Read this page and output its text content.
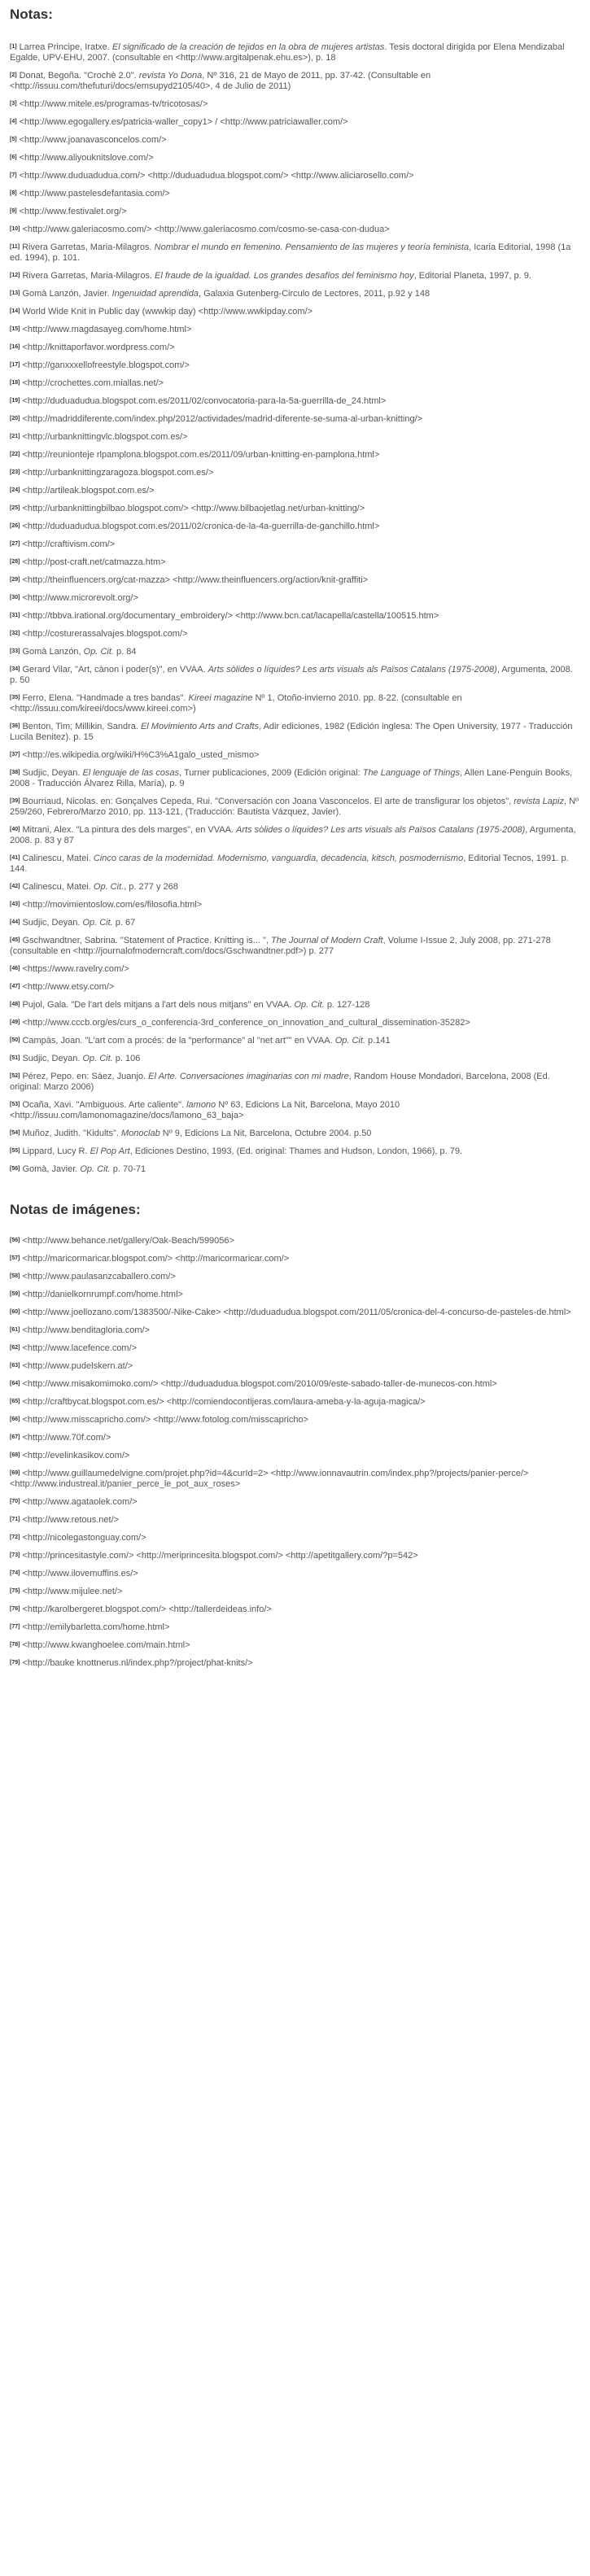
Notas:
[1] Larrea Principe, Iratxe. El significado de la creación de tejidos en la obra de mujeres artistas. Tesis doctoral dirigida por Elena Mendizabal Egalde, UPV-EHU, 2007. (consultable en <http://www.argitalpenak.ehu.es>), p. 18
[2] Donat, Begoña. "Crochè 2.0". revista Yo Dona, Nº 316, 21 de Mayo de 2011, pp. 37-42. (Consultable en <http://issuu.com/thefuturi/docs/emsupyd2105/40>, 4 de Julio de 2011)
[3] <http://www.mitele.es/programas-tv/tricotosas/>
[4] <http://www.egogallery.es/patricia-waller_copy1> / <http://www.patriciawaller.com/>
[5] <http://www.joanavasconcelos.com/>
[6] <http://www.aliyouknitslove.com/>
[7] <http://www.duduadudua.com/> <http://duduadudua.blogspot.com/> <http://www.aliciarosello.com/>
[8] <http://www.pastelesdefantasia.com/>
[9] <http://www.festivalet.org/>
[10] <http://www.galeriacosmo.com/> <http://www.galeriacosmo.com/cosmo-se-casa-con-dudua>
[11] Rivera Garretas, Maria-Milagros. Nombrar el mundo en femenino. Pensamiento de las mujeres y teoría feminista, Icaria Editorial, 1998 (1a ed. 1994), p. 101.
[12] Rivera Garretas, Maria-Milagros. El fraude de la igualdad. Los grandes desafíos del feminismo hoy, Editorial Planeta, 1997, p. 9.
[13] Gomà Lanzón, Javier. Ingenuidad aprendida, Galaxia Gutenberg-Circulo de Lectores, 2011, p.92 y 148
[14] World Wide Knit in Public day (wwwkip day) <http://www.wwkipday.com/>
[15] <http://www.magdasayeg.com/home.html>
[16] <http://knittaporfavor.wordpress.com/>
[17] <http://ganxxxellofreestyle.blogspot.com/>
[18] <http://crochettes.com.miallas.net/>
[19] <http://duduadudua.blogspot.com.es/2011/02/convocatoria-para-la-5a-guerrilla-de_24.html>
[20] <http://madriddiferente.com/index.php/2012/actividades/madrid-diferente-se-suma-al-urban-knitting/>
[21] <http://urbanknittingvlc.blogspot.com.es/>
[22] <http://reunionteje rlpamplona.blogspot.com.es/2011/09/urban-knitting-en-pamplona.html>
[23] <http://urbanknittingzaragoza.blogspot.com.es/>
[24] <http://artileak.blogspot.com.es/>
[25] <http://urbanknittingbilbao.blogspot.com/> <http://www.bilbaojetlag.net/urban-knitting/>
[26] <http://duduadudua.blogspot.com.es/2011/02/cronica-de-la-4a-guerrilla-de-ganchillo.html>
[27] <http://craftivism.com/>
[28] <http://post-craft.net/catmazza.htm>
[29] <http://theinfluencers.org/cat-mazza> <http://www.theinfluencers.org/action/knit-graffiti>
[30] <http://www.microrevolt.org/>
[31] <http://tbbva.irational.org/documentary_embroidery/> <http://www.bcn.cat/lacapella/castella/100515.htm>
[32] <http://costurerassalvajes.blogspot.com/>
[33] Gomà Lanzón, Op. Cit. p. 84
[34] Gerard Vilar, "Art, cànon i poder(s)", en VVAA. Arts sòlides o líquides? Les arts visuals als Països Catalans (1975-2008), Argumenta, 2008. p. 50
[35] Ferro, Elena. "Handmade a tres bandas". Kireei magazine Nº 1, Otoño-invierno 2010. pp. 8-22. (consultable en <http://issuu.com/kireei/docs/www.kireei.com>)
[36] Benton, Tim; Millikin, Sandra. El Movimiento Arts and Crafts, Adir ediciones, 1982 (Edición inglesa: The Open University, 1977 - Traducción Lucila Benitez). p. 15
[37] <http://es.wikipedia.org/wiki/H%C3%A1galo_usted_mismo>
[38] Sudjic, Deyan. El lenguaje de las cosas, Turner publicaciones, 2009 (Edición original: The Language of Things, Allen Lane-Penguin Books, 2008 - Traducción Álvarez Rilla, María), p. 9
[39] Bourriaud, Nicolas. en: Gonçalves Cepeda, Rui. "Conversación con Joana Vasconcelos. El arte de transfigurar los objetos", revista Lapiz, Nº 259/260, Febrero/Marzo 2010, pp. 113-121, (Traducción: Bautista Vázquez, Javier).
[40] Mitrani, Alex. "La pintura des dels marges", en VVAA. Arts sòlides o líquides? Les arts visuals als Països Catalans (1975-2008), Argumenta, 2008. p. 83 y 87
[41] Calinescu, Matei. Cinco caras de la modernidad. Modernismo, vanguardia, decadencia, kitsch, posmodernismo, Editorial Tecnos, 1991. p. 144.
[42] Calinescu, Matei. Op. Cit., p. 277 y 268
[43] <http://movimientoslow.com/es/filosofia.html>
[44] Sudjic, Deyan. Op. Cit. p. 67
[45] Gschwandtner, Sabrina. "Statement of Practice. Knitting is... ", The Journal of Modern Craft, Volume I-Issue 2, July 2008, pp. 271-278 (consultable en <http://journalofmoderncraft.com/docs/Gschwandtner.pdf>) p. 277
[46] <https://www.ravelry.com/>
[47] <http://www.etsy.com/>
[48] Pujol, Gala. "De l'art dels mitjans a l'art dels nous mitjans" en VVAA. Op. Cit. p. 127-128
[49] <http://www.cccb.org/es/curs_o_conferencia-3rd_conference_on_innovation_and_cultural_dissemination-35282>
[50] Campàs, Joan. "L'art com a procés: de la "performance" al "net art"" en VVAA. Op. Cit. p.141
[51] Sudjic, Deyan. Op. Cit. p. 106
[52] Pérez, Pepo. en: Sáez, Juanjo. El Arte. Conversaciones imaginarias con mi madre, Random House Mondadori, Barcelona, 2008 (Ed. original: Marzo 2006)
[53] Ocaña, Xavi. "Ambiguous. Arte caliente". lamono Nº 63, Edicions La Nit, Barcelona, Mayo 2010 <http://issuu.com/lamonomagazine/docs/lamono_63_baja>
[54] Muñoz, Judith. "Kidults". Monoclab Nº 9, Edicions La Nit, Barcelona, Octubre 2004. p.50
[55] Lippard, Lucy R. El Pop Art, Ediciones Destino, 1993, (Ed. original: Thames and Hudson, London, 1966), p. 79.
[56] Gomà, Javier. Op. Cit. p. 70-71
Notas de imágenes:
[56] <http://www.behance.net/gallery/Oak-Beach/599056>
[57] <http://maricormaricar.blogspot.com/> <http://maricormaricar.com/>
[58] <http://www.paulasanzcaballero.com/>
[59] <http://danielkornrumpf.com/home.html>
[60] <http://www.joellozano.com/1383500/-Nike-Cake> <http://duduadudua.blogspot.com/2011/05/cronica-del-4-concurso-de-pasteles-de.html>
[61] <http://www.benditagloria.com/>
[62] <http://www.lacefence.com/>
[63] <http://www.pudelskern.at/>
[64] <http://www.misakomimoko.com/> <http://duduadudua.blogspot.com/2010/09/este-sabado-taller-de-munecos-con.html>
[65] <http://craftbycat.blogspot.com.es/> <http://comiendocontijeras.com/laura-ameba-y-la-aguja-magica/>
[66] <http://www.misscapricho.com/> <http://www.fotolog.com/misscapricho>
[67] <http://www.70f.com/>
[68] <http://evelinkasikov.com/>
[69] <http://www.guillaumedelvigne.com/projet.php?id=4&curId=2> <http://www.ionnavautrin.com/index.php?/projects/panier-perce/> <http://www.industreal.it/panier_perce_le_pot_aux_roses>
[70] <http://www.agataolek.com/>
[71] <http://www.retous.net/>
[72] <http://nicolegastonguay.com/>
[73] <http://princesitastyle.com/> <http://meriprincesita.blogspot.com/> <http://apetitgallery.com/?p=542>
[74] <http://www.ilovemuffins.es/>
[75] <http://www.mijulee.net/>
[76] <http://karolbergeret.blogspot.com/> <http://tallerdeideas.info/>
[77] <http://emilybarletta.com/home.html>
[78] <http://www.kwanghoelee.com/main.html>
[79] <http://bauke knottnerus.nl/index.php?/project/phat-knits/>
